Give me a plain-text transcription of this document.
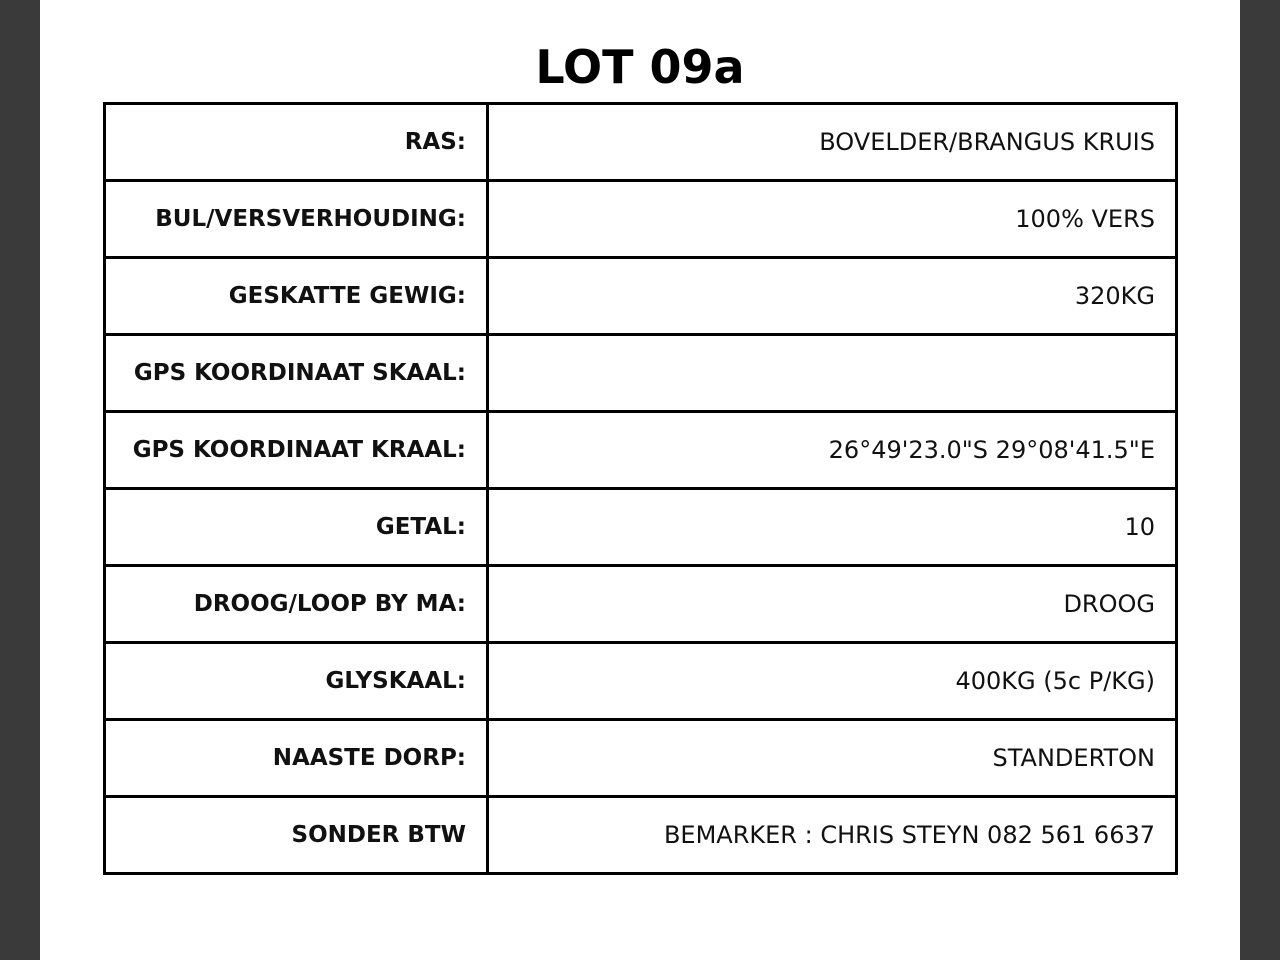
LOT 09a
RAS:	BOVELDER/BRANGUS KRUIS
BUL/VERSVERHOUDING:	100% VERS
GESKATTE GEWIG:	320KG
GPS KOORDINAAT SKAAL:	
GPS KOORDINAAT KRAAL:	26°49'23.0"S 29°08'41.5"E
GETAL:	10
DROOG/LOOP BY MA:	DROOG
GLYSKAAL:	400KG (5c P/KG)
NAASTE DORP:	STANDERTON
SONDER BTW	BEMARKER : CHRIS STEYN 082 561 6637
